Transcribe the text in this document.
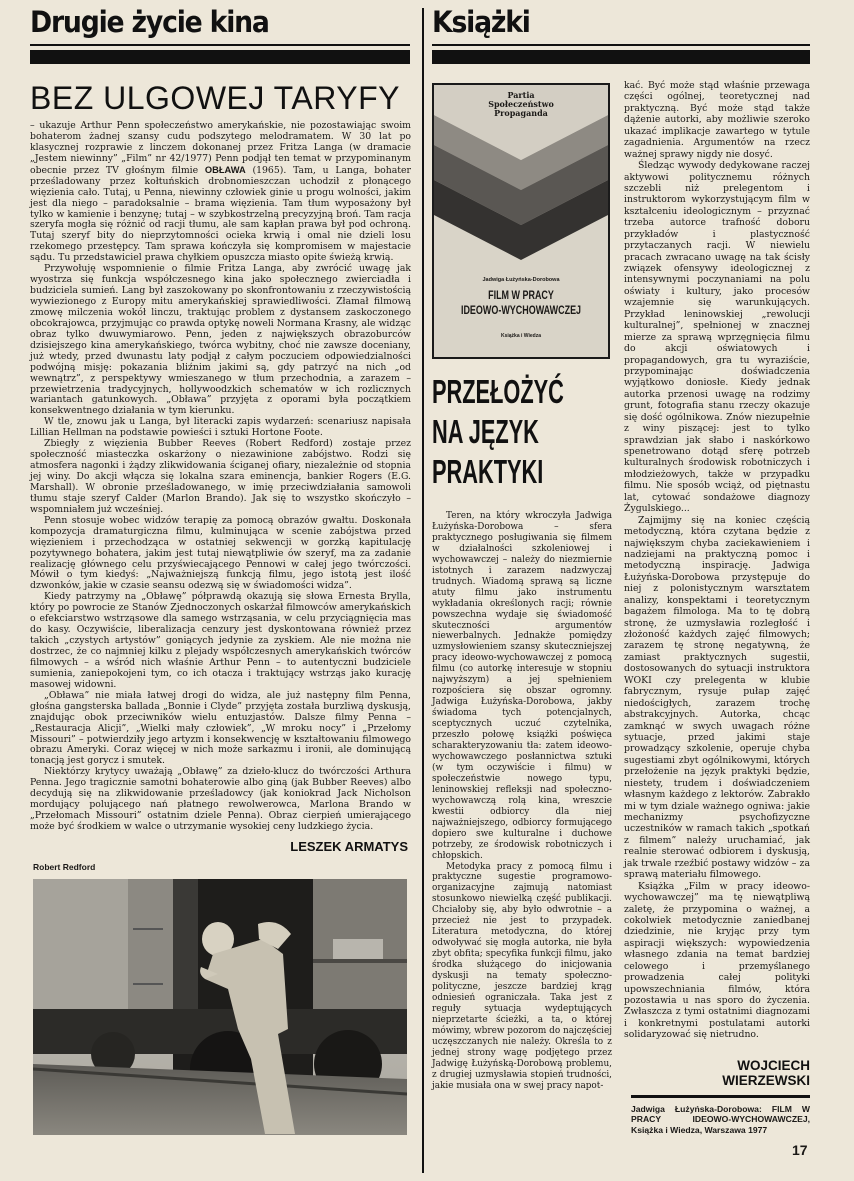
Drugie życie kina	Książki
BEZ ULGOWEJ TARYFY

– ukazuje Arthur Penn społeczeństwo amerykańskie, nie pozostawiając swoim bohaterom żadnej szansy cudu podszytego melodramatem. W 30 lat po klasycznej rozprawie z linczem dokonanej przez Fritza Langa (w dramacie „Jestem niewinny” „Film” nr 42/1977) Penn podjął ten temat w przypominanym obecnie przez TV głośnym filmie OBŁAWA (1965). Tam, u Langa, bohater prześladowany przez kołtuńskich drobnomieszczan uchodził z płonącego więzienia cało. Tutaj, u Penna, niewinny człowiek ginie u progu wolności, jakim jest dla niego – paradoksalnie – brama więzienia. Tam tłum wyposażony był tylko w kamienie i benzynę; tutaj – w szybkostrzelną precyzyjną broń. Tam racja szeryfa mogła się różnić od racji tłumu, ale sam kapłan prawa był pod ochroną. Tutaj szeryf bity do nieprzytomności ocieka krwią i omal nie dzieli losu rzekomego przestępcy. Tam sprawa kończyła się kompromisem w majestacie sądu. Tu przedstawiciel prawa chyłkiem opuszcza miasto opite świeżą krwią.

Przywołuję wspomnienie o filmie Fritza Langa, aby zwrócić uwagę jak wyostrza się funkcja współczesnego kina jako społecznego zwierciadła i budziciela sumień. Lang był zaszokowany po skonfrontowaniu z rzeczywistością wywiezionego z Europy mitu amerykańskiej sprawiedliwości. Złamał filmową zmowę milczenia wokół linczu, traktując problem z dystansem zaskoczonego obcokrajowca, przyjmując co prawda optykę noweli Normana Krasny, ale widząc obraz tylko dwuwymiarowo. Penn, jeden z największych obrazoburców dzisiejszego kina amerykańskiego, twórca wybitny, choć nie zawsze doceniany, już wtedy, przed dwunastu laty podjął z całym poczuciem odpowiedzialności podwójną misję: pokazania bliźnim jakimi są, gdy patrzyć na nich „od wewnątrz”, z perspektywy wmieszanego w tłum przechodnia, a zarazem – przewietrzenia tradycyjnych, hollywoodzkich schematów w ich rozlicznych wariantach gatunkowych. „Obława” przyjęta z oporami była początkiem konsekwentnego działania w tym kierunku.

W tle, znowu jak u Langa, był literacki zapis wydarzeń: scenariusz napisała Lillian Hellman na podstawie powieści i sztuki Hortone Foote.

Zbiegły z więzienia Bubber Reeves (Robert Redford) zostaje przez społeczność miasteczka oskarżony o niezawinione zabójstwo. Rodzi się atmosfera nagonki i żądzy zlikwidowania ściganej ofiary, niezależnie od stopnia jej winy. Do akcji włącza się lokalna szara eminencja, bankier Rogers (E.G. Marshall). W obronie prześladowanego, w imię przeciwdziałania samowoli tłumu staje szeryf Calder (Marlon Brando). Jak się to wszystko skończyło – wspomniałem już wcześniej.

Penn stosuje wobec widzów terapię za pomocą obrazów gwałtu. Doskonała kompozycja dramaturgiczna filmu, kulminująca w scenie zabójstwa przed więzieniem i przechodząca w ostatniej sekwencji w gorzką kapitulację pozytywnego bohatera, jakim jest tutaj niewątpliwie ów szeryf, ma za zadanie realizację głównego celu przyświecającego Pennowi w całej jego twórczości. Mówił o tym kiedyś: „Najważniejszą funkcją filmu, jego istotą jest ilość dzwonków, jakie w czasie seansu odezwą się w świadomości widza”.

Kiedy patrzymy na „Obławę” półprawdą okazują się słowa Ernesta Brylla, który po powrocie ze Stanów Zjednoczonych oskarżał filmowców amerykańskich o efekciarstwo wstrząsowe dla samego wstrząsania, w celu przyciągnięcia mas do kasy. Oczywiście, liberalizacja cenzury jest dyskontowana również przez takich „czystych artystów” goniących jedynie za zyskiem. Ale nie można nie dostrzec, że co najmniej kilku z plejady współczesnych amerykańskich twórców filmowych – a wśród nich właśnie Arthur Penn – to autentyczni budziciele sumienia, zaniepokojeni tym, co ich otacza i traktujący wstrząs jako kurację masowej widowni.

„Obława” nie miała łatwej drogi do widza, ale już następny film Penna, głośna gangsterska ballada „Bonnie i Clyde” przyjęta została burzliwą dyskusją, znajdując obok przeciwników wielu entuzjastów. Dalsze filmy Penna – „Restauracja Alicji”, „Wielki mały człowiek”, „W mroku nocy” i „Przełomy Missouri” – potwierdziły jego artyzm i konsekwencję w kształtowaniu filmowego obrazu Ameryki. Coraz więcej w nich może sarkazmu i ironii, ale dominującą tonacją jest gorycz i smutek.

Niektórzy krytycy uważają „Obławę” za dzieło-klucz do twórczości Arthura Penna. Jego tragicznie samotni bohaterowie albo giną (jak Bubber Reeves) albo decydują się na zlikwidowanie prześladowcy (jak koniokrad Jack Nicholson mordujący polującego nań płatnego rewolwerowca, Marlona Brando w „Przełomach Missouri” ostatnim dziele Penna). Obraz cierpień umierającego może być środkiem w walce o utrzymanie wysokiej ceny ludzkiego życia.

LESZEK ARMATYS
Robert Redford
Partia
Społeczeństwo
Propaganda
Jadwiga Łużyńska-Dorobowa
FILM W PRACY
IDEOWO-WYCHOWAWCZEJ
Książka i Wiedza
PRZEŁOŻYĆ
NA JĘZYK
PRAKTYKI

Teren, na który wkroczyła Jadwiga Łużyńska-Dorobowa – sfera praktycznego posługiwania się filmem w działalności szkoleniowej i wychowawczej – należy do niezmiernie istotnych i zarazem nadzwyczaj trudnych. Wiadomą sprawą są liczne atuty filmu jako instrumentu wykładania określonych racji; równie powszechna wydaje się świadomość skuteczności argumentów niewerbalnych. Jednakże pomiędzy uzmysłowieniem szansy skuteczniejszej pracy ideowo-wychowawczej z pomocą filmu (co autorkę interesuje w stopniu najwyższym) a jej spełnieniem rozpościera się obszar ogromny. Jadwiga Łużyńska-Dorobowa, jakby świadoma tych potencjalnych, sceptycznych uczuć czytelnika, przeszło połowę książki poświęca scharakteryzowaniu tła: zatem ideowo-wychowawczego posłannictwa sztuki (w tym oczywiście i filmu) w społeczeństwie nowego typu, leninowskiej refleksji nad społeczno-wychowawczą rolą kina, wreszcie kwestii odbiorcy dla niej najważniejszego, odbiorcy formującego dopiero swe kulturalne i duchowe potrzeby, ze środowisk robotniczych i chłopskich.

Metodyka pracy z pomocą filmu i praktyczne sugestie programowo-organizacyjne zajmują natomiast stosunkowo niewielką część publikacji. Chciałoby się, aby było odwrotnie – a przecież nie jest to przypadek. Literatura metodyczna, do której odwoływać się mogła autorka, nie była zbyt obfita; specyfika funkcji filmu, jako środka służącego do inicjowania dyskusji na tematy społeczno-polityczne, jeszcze bardziej krąg odniesień ograniczała. Taka jest z reguły sytuacja wydeptujących nieprzetarte ścieżki, a ta, o której mówimy, wbrew pozorom do najczęściej uczęszczanych nie należy. Określa to z jednej strony wagę podjętego przez Jadwigę Łużyńską-Dorobową problemu, z drugiej uzmysławia stopień trudności, jakie musiała ona w swej pracy napot-

kać. Być może stąd właśnie przewaga części ogólnej, teoretycznej nad praktyczną. Być może stąd także dążenie autorki, aby możliwie szeroko ukazać implikacje zawartego w tytule zagadnienia. Argumentów na rzecz ważnej sprawy nigdy nie dosyć.

Śledząc wywody dedykowane raczej aktywowi politycznemu różnych szczebli niż prelegentom i instruktorom wykorzystującym film w kształceniu ideologicznym – przyznać trzeba autorce trafność doboru przykładów i plastyczność przytaczanych racji. W niewielu pracach zwracano uwagę na tak ścisły związek ofensywy ideologicznej z intensywnymi poczynaniami na polu oświaty i kultury, jako procesów wzajemnie się warunkujących. Przykład leninowskiej „rewolucji kulturalnej”, spełnionej w znacznej mierze za sprawą wprzęgnięcia filmu do akcji oświatowych i propagandowych, gra tu wyraziście, przypominając doświadczenia wyjątkowo doniosłe. Kiedy jednak autorka przenosi uwagę na rodzimy grunt, fotografia stanu rzeczy okazuje się dość ogólnikowa. Znów niezupełnie z winy piszącej: jest to tylko sprawdzian jak słabo i naskórkowo spenetrowano dotąd sferę potrzeb kulturalnych środowisk robotniczych i młodzieżowych, także w przypadku filmu. Nie sposób wciąż, od piętnastu lat, cytować sondażowe diagnozy Żygulskiego...

Zajmijmy się na koniec częścią metodyczną, która czytana będzie z największym chyba zaciekawieniem i nadziejami na praktyczną pomoc i metodyczną inspirację. Jadwiga Łużyńska-Dorobowa przystępuje do niej z polonistycznym warsztatem analizy, konspektami i teoretycznym bagażem filmologa. Ma to tę dobrą stronę, że uzmysławia rozległość i złożoność każdych zajęć filmowych; zarazem tę stronę negatywną, że zamiast praktycznych sugestii, dostosowanych do sytuacji instruktora WOKI czy prelegenta w klubie fabrycznym, rysuje pułap zajęć niedościgłych, zarazem trochę abstrakcyjnych. Autorka, chcąc zamknąć w swych uwagach różne sytuacje, przed jakimi staje prowadzący szkolenie, operuje chyba sugestiami zbyt ogólnikowymi, których przełożenie na język praktyki będzie, niestety, trudem i doświadczeniem własnym każdego z lektorów. Zabrakło mi w tym dziale ważnego ogniwa: jakie mechanizmy psychofizyczne uczestników w ramach takich „spotkań z filmem” należy uruchamiać, jak realnie sterować odbiorem i dyskusją, jak trwale rzeźbić postawy widzów – za sprawą materiału filmowego.

Książka „Film w pracy ideowo-wychowawczej” ma tę niewątpliwą zaletę, że przypomina o ważnej, a cokolwiek metodycznie zaniedbanej dziedzinie, nie kryjąc przy tym aspiracji większych: wypowiedzenia własnego zdania na temat bardziej celowego i przemyślanego prowadzenia całej polityki upowszechniania filmów, która pozostawia u nas sporo do życzenia. Zwłaszcza z tymi ostatnimi diagnozami i konkretnymi postulatami autorki solidaryzować się nietrudno.

WOJCIECH
WIERZEWSKI
Jadwiga Łużyńska-Dorobowa: FILM W PRACY IDEOWO-WYCHOWAWCZEJ, Książka i Wiedza, Warszawa 1977
17
